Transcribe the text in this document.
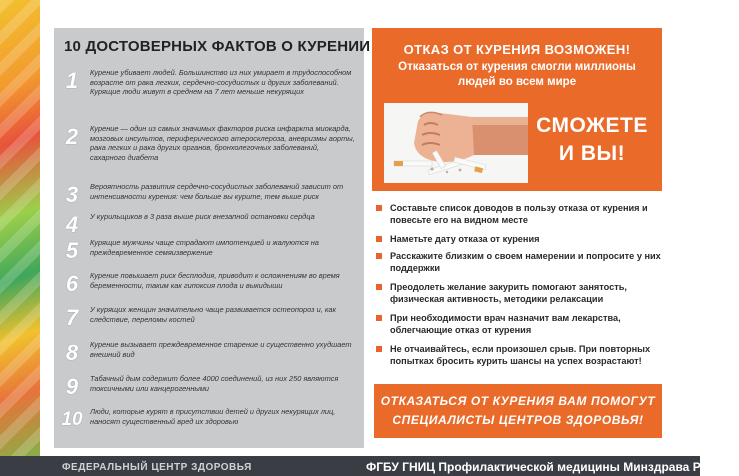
10 ДОСТОВЕРНЫХ ФАКТОВ О КУРЕНИИ
1	Курение убивает людей. Большинство из них умирает в трудоспособном возрасте от рака легких, сердечно-сосудистых и других заболеваний. Курящие люди живут в среднем на 7 лет меньше некурящих
2	Курение — один из самых значимых факторов риска инфаркта миокарда, мозговых инсультов, периферического атеросклероза, аневризмы аорты, рака легких и рака других органов, бронхолегочных заболеваний, сахарного диабета
3	Вероятность развития сердечно-сосудистых заболеваний зависит от интенсивности курения: чем больше вы курите, тем выше риск
4	У курильщиков в 3 раза выше риск внезапной остановки сердца
5	Курящие мужчины чаще страдают импотенцией и жалуются на преждевременное семяизвержение
6	Курение повышает риск бесплодия, приводит к осложнениям во время беременности, таким как гипоксия плода и выкидыши
7	У курящих женщин значительно чаще развивается остеопороз и, как следствие, переломы костей
8	Курение вызывает преждевременное старение и существенно ухудшает внешний вид
9	Табачный дым содержит более 4000 соединений, из них 250 являются токсичными или канцерогенными
10	Люди, которые курят в присутствии детей и других некурящих лиц, наносят существенный вред их здоровью
ОТКАЗ ОТ КУРЕНИЯ ВОЗМОЖЕН!
Отказаться от курения смогли миллионы людей во всем мире
СМОЖЕТЕ
И ВЫ!
Составьте список доводов в пользу отказа от курения и повесьте его на видном месте
Наметьте дату отказа от курения
Расскажите близким о своем намерении и попросите у них поддержки
Преодолеть желание закурить помогают занятость, физическая активность, методики релаксации
При необходимости врач назначит вам лекарства, облегчающие отказ от курения
Не отчаивайтесь, если произошел срыв. При повторных попытках бросить курить шансы на успех возрастают!
ОТКАЗАТЬСЯ ОТ КУРЕНИЯ ВАМ ПОМОГУТ
СПЕЦИАЛИСТЫ ЦЕНТРОВ ЗДОРОВЬЯ!
ФЕДЕРАЛЬНЫЙ ЦЕНТР ЗДОРОВЬЯ	ФГБУ ГНИЦ Профилактической медицины Минздрава России,
